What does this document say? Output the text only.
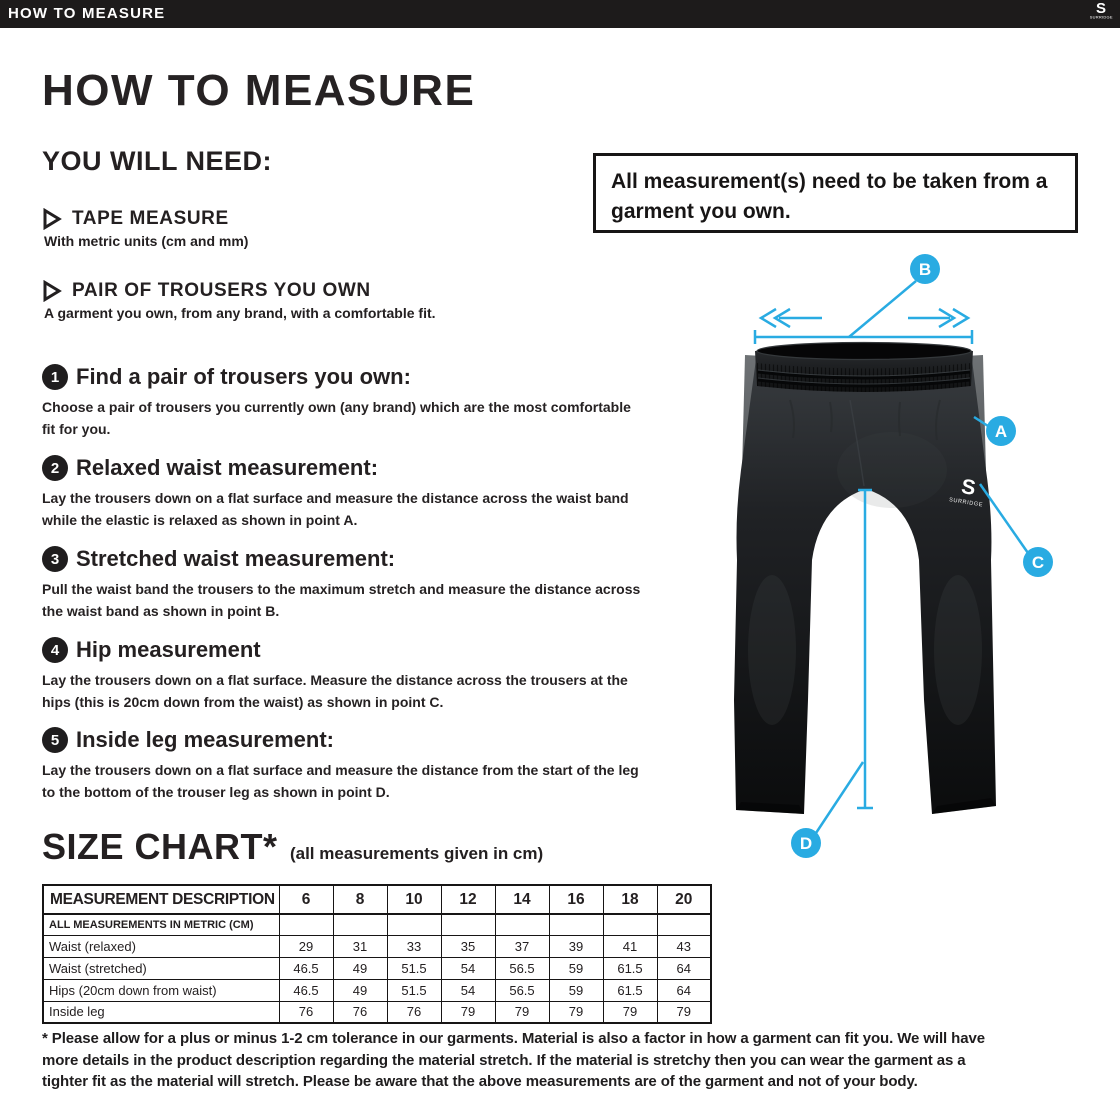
HOW TO MEASURE	S
SURRIDGE
HOW TO MEASURE
YOU WILL NEED:
TAPE MEASURE
With metric units (cm and mm)
PAIR OF TROUSERS YOU OWN
A garment you own, from any brand, with a comfortable fit.
All measurement(s) need to be taken from a garment you own.
1 Find a pair of trousers you own:

Choose a pair of trousers you currently own (any brand) which are the most comfortable fit for you.

2 Relaxed waist measurement:

Lay the trousers down on a flat surface and measure the distance across the waist band while the elastic is relaxed as shown in point A.

3 Stretched waist measurement:

Pull the waist band the trousers to the maximum stretch and measure the distance across the waist band as shown in point B.

4 Hip measurement

Lay the trousers down on a flat surface. Measure the distance across the trousers at the hips (this is 20cm down from the waist) as shown in point C.

5 Inside leg measurement:

Lay the trousers down on a flat surface and measure the distance from the start of the leg to the bottom of the trouser leg as shown in point D.

S
SURRIDGE
B
A
C
D
SIZE CHART* (all measurements given in cm)
MEASUREMENT DESCRIPTION	6	8	10	12	14	16	18	20
ALL MEASUREMENTS IN METRIC (CM)								
Waist (relaxed)	29	31	33	35	37	39	41	43
Waist (stretched)	46.5	49	51.5	54	56.5	59	61.5	64
Hips (20cm down from waist)	46.5	49	51.5	54	56.5	59	61.5	64
Inside leg	76	76	76	79	79	79	79	79

* Please allow for a plus or minus 1-2 cm tolerance in our garments. Material is also a factor in how a garment can fit you. We will have more details in the product description regarding the material stretch. If the material is stretchy then you can wear the garment as a tighter fit as the material will stretch. Please be aware that the above measurements are of the garment and not of your body.
